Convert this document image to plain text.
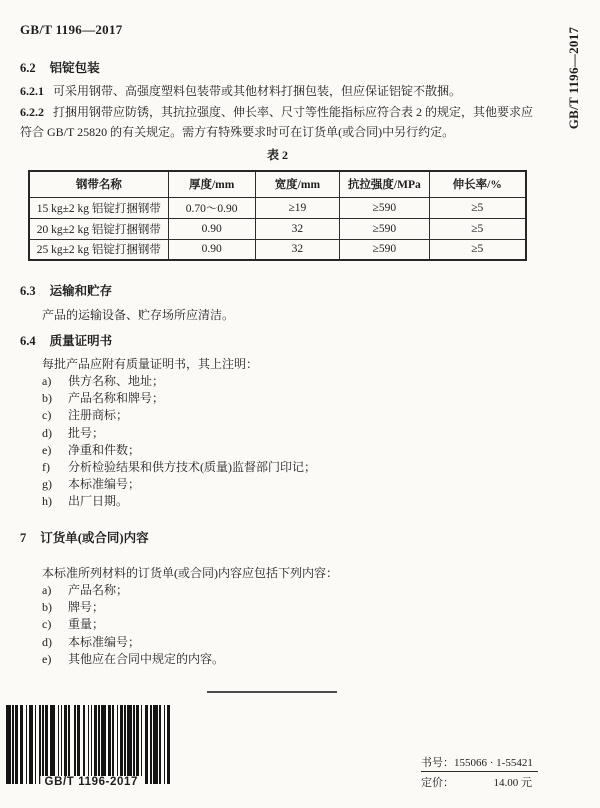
GB/T 1196—2017	GB/T 1196—2017
6.2 铝锭包装

6.2.1 可采用钢带、高强度塑料包装带或其他材料打捆包装，但应保证铝锭不散捆。

6.2.2 打捆用钢带应防锈，其抗拉强度、伸长率、尺寸等性能指标应符合表 2 的规定，其他要求应符合 GB/T 25820 的有关规定。需方有特殊要求时可在订货单(或合同)中另行约定。

表 2
钢带名称	厚度/mm	宽度/mm	抗拉强度/MPa	伸长率/%
15 kg±2 kg 铝锭打捆钢带	0.70～0.90	≥19	≥590	≥5
20 kg±2 kg 铝锭打捆钢带	0.90	32	≥590	≥5
25 kg±2 kg 铝锭打捆钢带	0.90	32	≥590	≥5
6.3 运输和贮存

产品的运输设备、贮存场所应清洁。

6.4 质量证明书

每批产品应附有质量证明书，其上注明：

a)	供方名称、地址；
b)	产品名称和牌号；
c)	注册商标；
d)	批号；
e)	净重和件数；
f)	分析检验结果和供方技术(质量)监督部门印记；
g)	本标准编号；
h)	出厂日期。
7 订货单(或合同)内容

本标准所列材料的订货单(或合同)内容应包括下列内容：

a)	产品名称；
b)	牌号；
c)	重量；
d)	本标准编号；
e)	其他应在合同中规定的内容。
GB/T 1196-2017
书号： 155066 · 1-55421
定价：	14.00 元
